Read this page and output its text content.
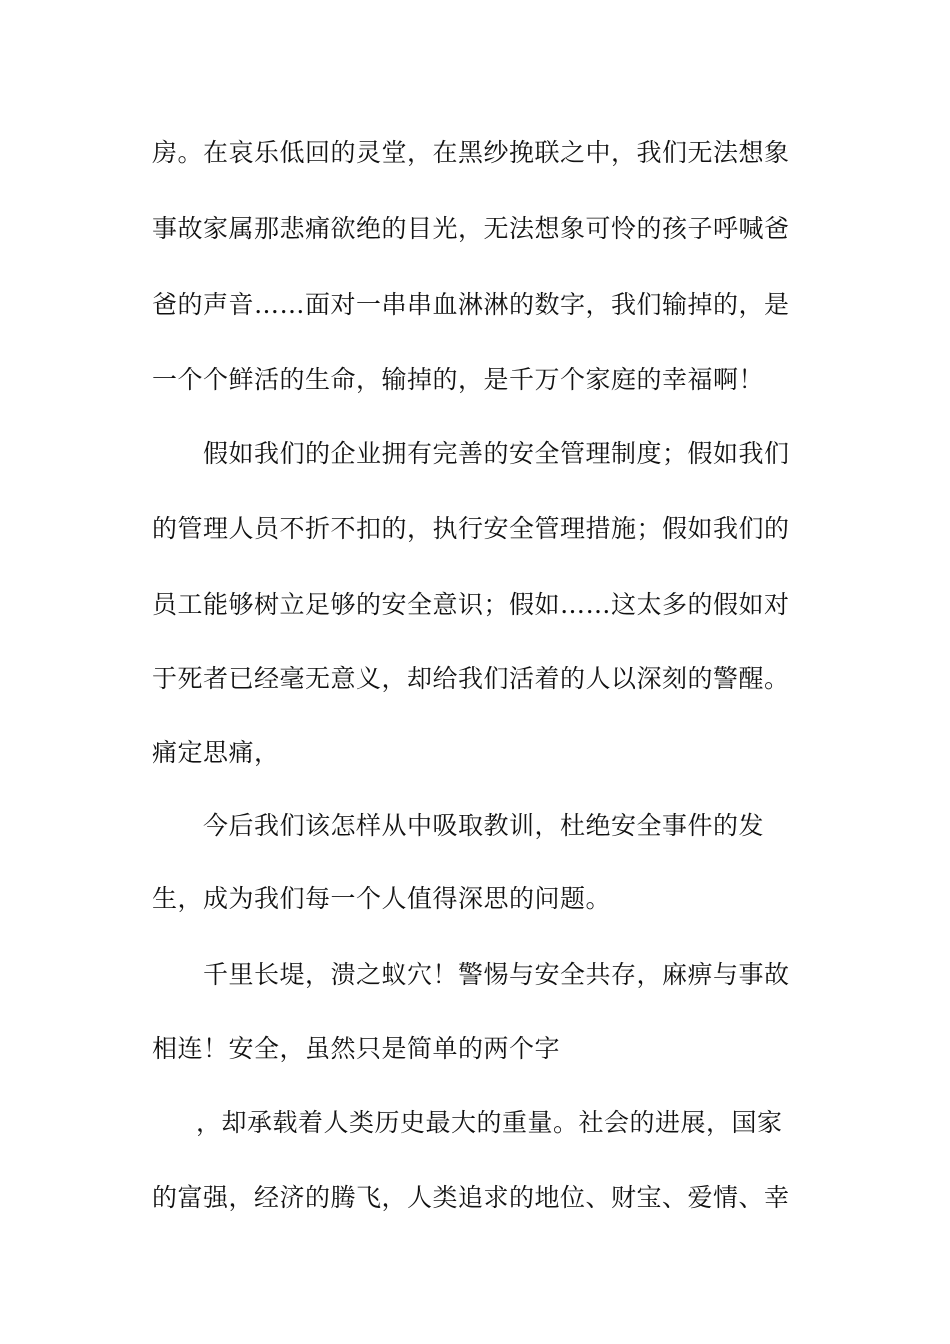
房。在哀乐低回的灵堂，在黑纱挽联之中，我们无法想象
事故家属那悲痛欲绝的目光，无法想象可怜的孩子呼喊爸
爸的声音……面对一串串血淋淋的数字，我们输掉的，是
一个个鲜活的生命，输掉的，是千万个家庭的幸福啊！
假如我们的企业拥有完善的安全管理制度；假如我们
的管理人员不折不扣的，执行安全管理措施；假如我们的
员工能够树立足够的安全意识；假如……这太多的假如对
于死者已经毫无意义，却给我们活着的人以深刻的警醒。
痛定思痛，
今后我们该怎样从中吸取教训，杜绝安全事件的发
生，成为我们每一个人值得深思的问题。
千里长堤，溃之蚁穴！警惕与安全共存，麻痹与事故
相连！安全，虽然只是简单的两个字
，却承载着人类历史最大的重量。社会的进展，国家
的富强，经济的腾飞，人类追求的地位、财宝、爱情、幸
